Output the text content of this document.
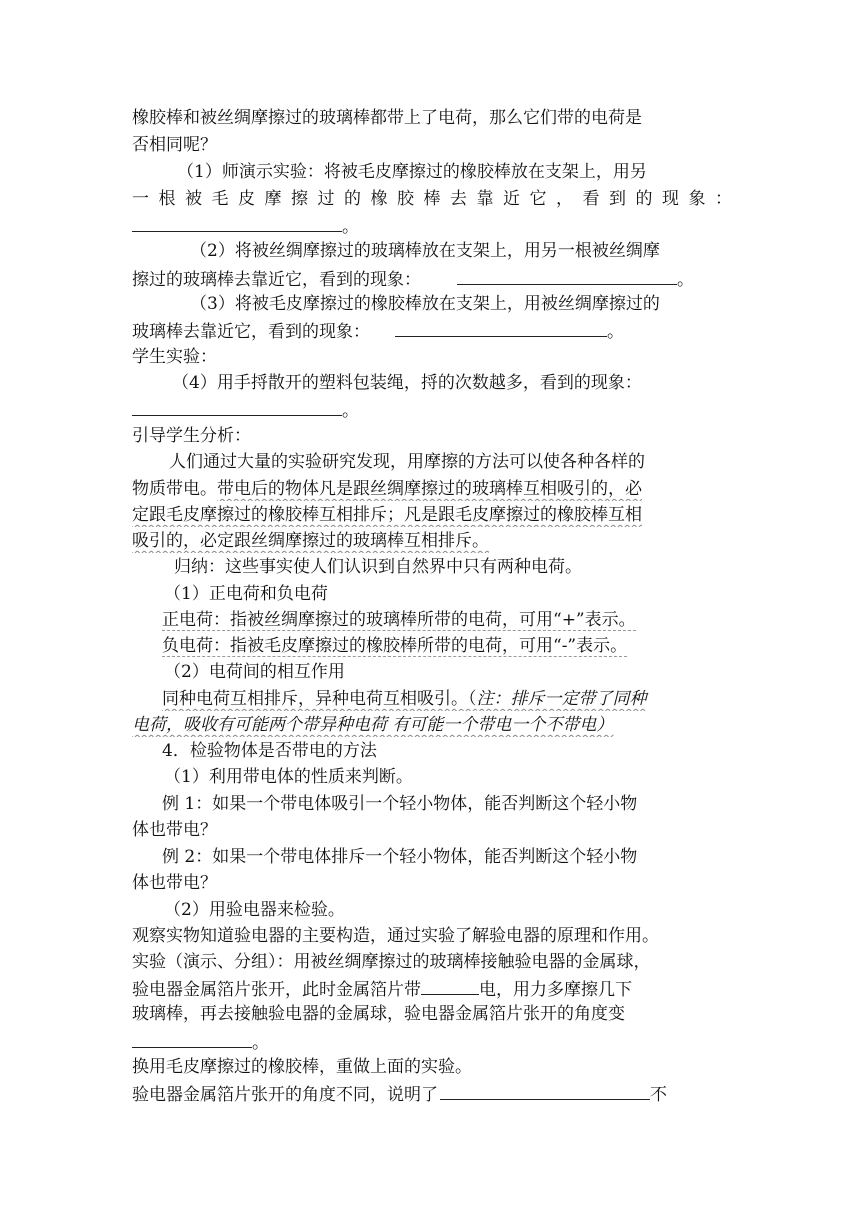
橡胶棒和被丝绸摩擦过的玻璃棒都带上了电荷，那么它们带的电荷是
否相同呢？
（1）师演示实验：将被毛皮摩擦过的橡胶棒放在支架上，用另
一根被毛皮摩擦过的橡胶棒去靠近它，看到的现象：
。
（2）将被丝绸摩擦过的玻璃棒放在支架上，用另一根被丝绸摩
擦过的玻璃棒去靠近它，看到的现象：	。
（3）将被毛皮摩擦过的橡胶棒放在支架上，用被丝绸摩擦过的
玻璃棒去靠近它，看到的现象：	。
学生实验：
（4）用手捋散开的塑料包装绳，捋的次数越多，看到的现象：
。
引导学生分析：
人们通过大量的实验研究发现，用摩擦的方法可以使各种各样的
物质带电。带电后的物体凡是跟丝绸摩擦过的玻璃棒互相吸引的，必
定跟毛皮摩擦过的橡胶棒互相排斥；凡是跟毛皮摩擦过的橡胶棒互相
吸引的，必定跟丝绸摩擦过的玻璃棒互相排斥。
归纳：这些事实使人们认识到自然界中只有两种电荷。
（1）正电荷和负电荷
正电荷：指被丝绸摩擦过的玻璃棒所带的电荷，可用“+”表示。
负电荷：指被毛皮摩擦过的橡胶棒所带的电荷，可用“-”表示。
（2）电荷间的相互作用
同种电荷互相排斥，异种电荷互相吸引。（注：排斥一定带了同种
电荷，吸收有可能两个带异种电荷 有可能一个带电一个不带电）
4．检验物体是否带电的方法
（1）利用带电体的性质来判断。
例 1：如果一个带电体吸引一个轻小物体，能否判断这个轻小物
体也带电？
例 2：如果一个带电体排斥一个轻小物体，能否判断这个轻小物
体也带电？
（2）用验电器来检验。
观察实物知道验电器的主要构造，通过实验了解验电器的原理和作用。
实验（演示、分组）：用被丝绸摩擦过的玻璃棒接触验电器的金属球，
验电器金属箔片张开，此时金属箔片带	电，用力多摩擦几下
玻璃棒，再去接触验电器的金属球，验电器金属箔片张开的角度变
。
换用毛皮摩擦过的橡胶棒，重做上面的实验。
验电器金属箔片张开的角度不同，说明了	不
